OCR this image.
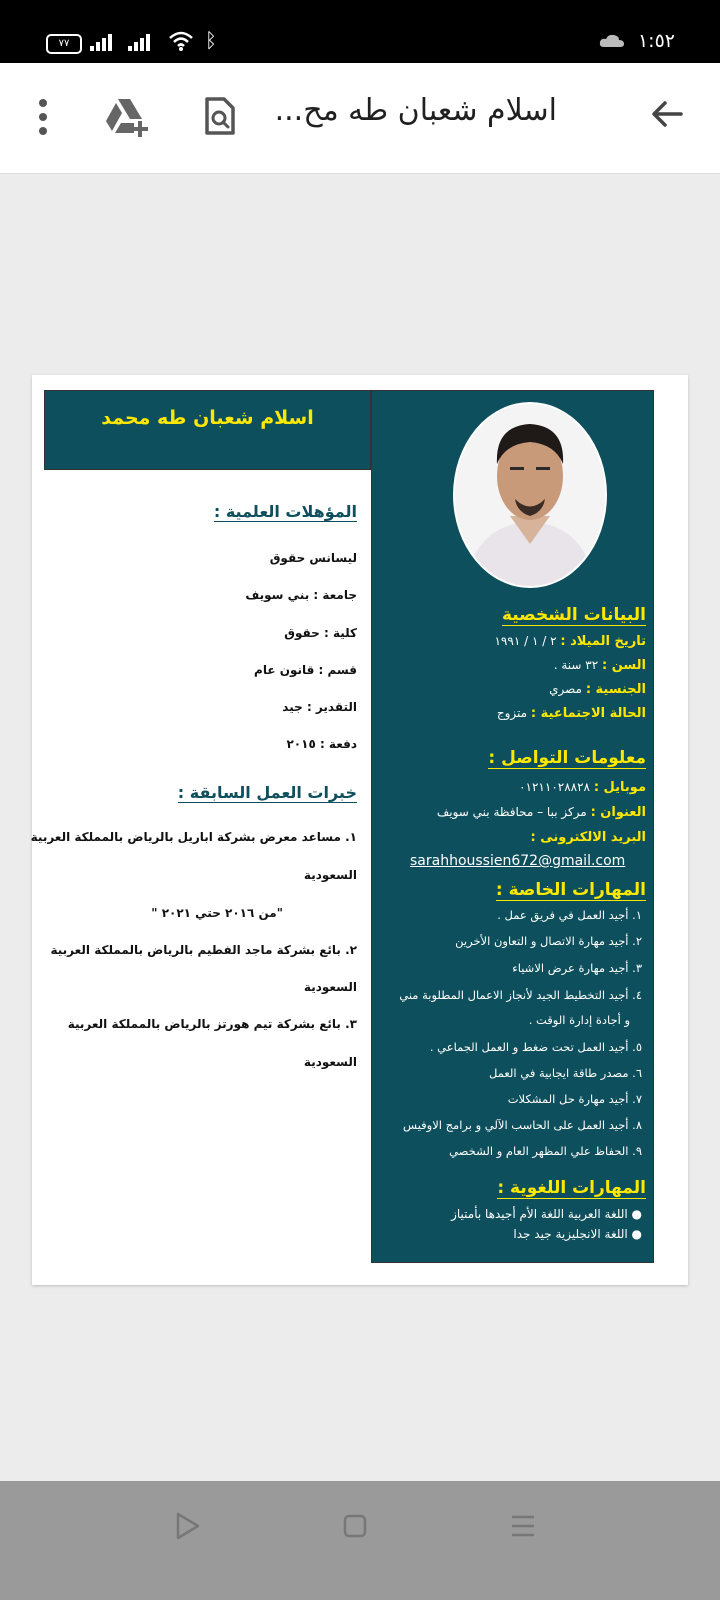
٧٧	ᛒ	١:٥٢
اسلام شعبان طه مح...
اسلام شعبان طه محمد
البيانات الشخصية
تاريخ الميلاد : ٢ / ١ / ١٩٩١
السن : ٣٢ سنة .
الجنسية : مصري
الحالة الاجتماعية : متزوج
معلومات التواصل :
موبايل : ٠١٢١١٠٢٨٨٢٨
العنوان : مركز ببا – محافظة بني سويف
البريد الالكترونى :
sarahhoussien672@gmail.com
المهارات الخاصة :
١. أجيد العمل في فريق عمل .
٢. أجيد مهارة الاتصال و التعاون الأخرين
٣. أجيد مهارة عرض الاشياء
٤. أجيد التخطيط الجيد لأنجاز الاعمال المطلوبة مني
و أجادة إدارة الوقت .
٥. أجيد العمل تحت ضغط و العمل الجماعي .
٦. مصدر طاقة ايجابية في العمل
٧. أجيد مهارة حل المشكلات
٨. أجيد العمل على الحاسب الآلي و برامج الاوفيس
٩. الحفاظ علي المظهر العام و الشخصي
المهارات اللغوية :
● اللغة العربية اللغة الأم أجيدها بأمتياز
● اللغة الانجليزية جيد جدا
المؤهلات العلمية :
ليسانس حقوق
جامعة : بني سويف
كلية : حقوق
قسم : قانون عام
التقدير : جيد
دفعة : ٢٠١٥
خبرات العمل السابقة :
١. مساعد معرض بشركة اباريل بالرياض بالمملكة العربية
السعودية
"من ٢٠١٦ حتي ٢٠٢١ "
٢. بائع بشركة ماجد الفطيم بالرياض بالمملكة العربية
السعودية
٣. بائع بشركة تيم هورتز بالرياض بالمملكة العربية
السعودية
